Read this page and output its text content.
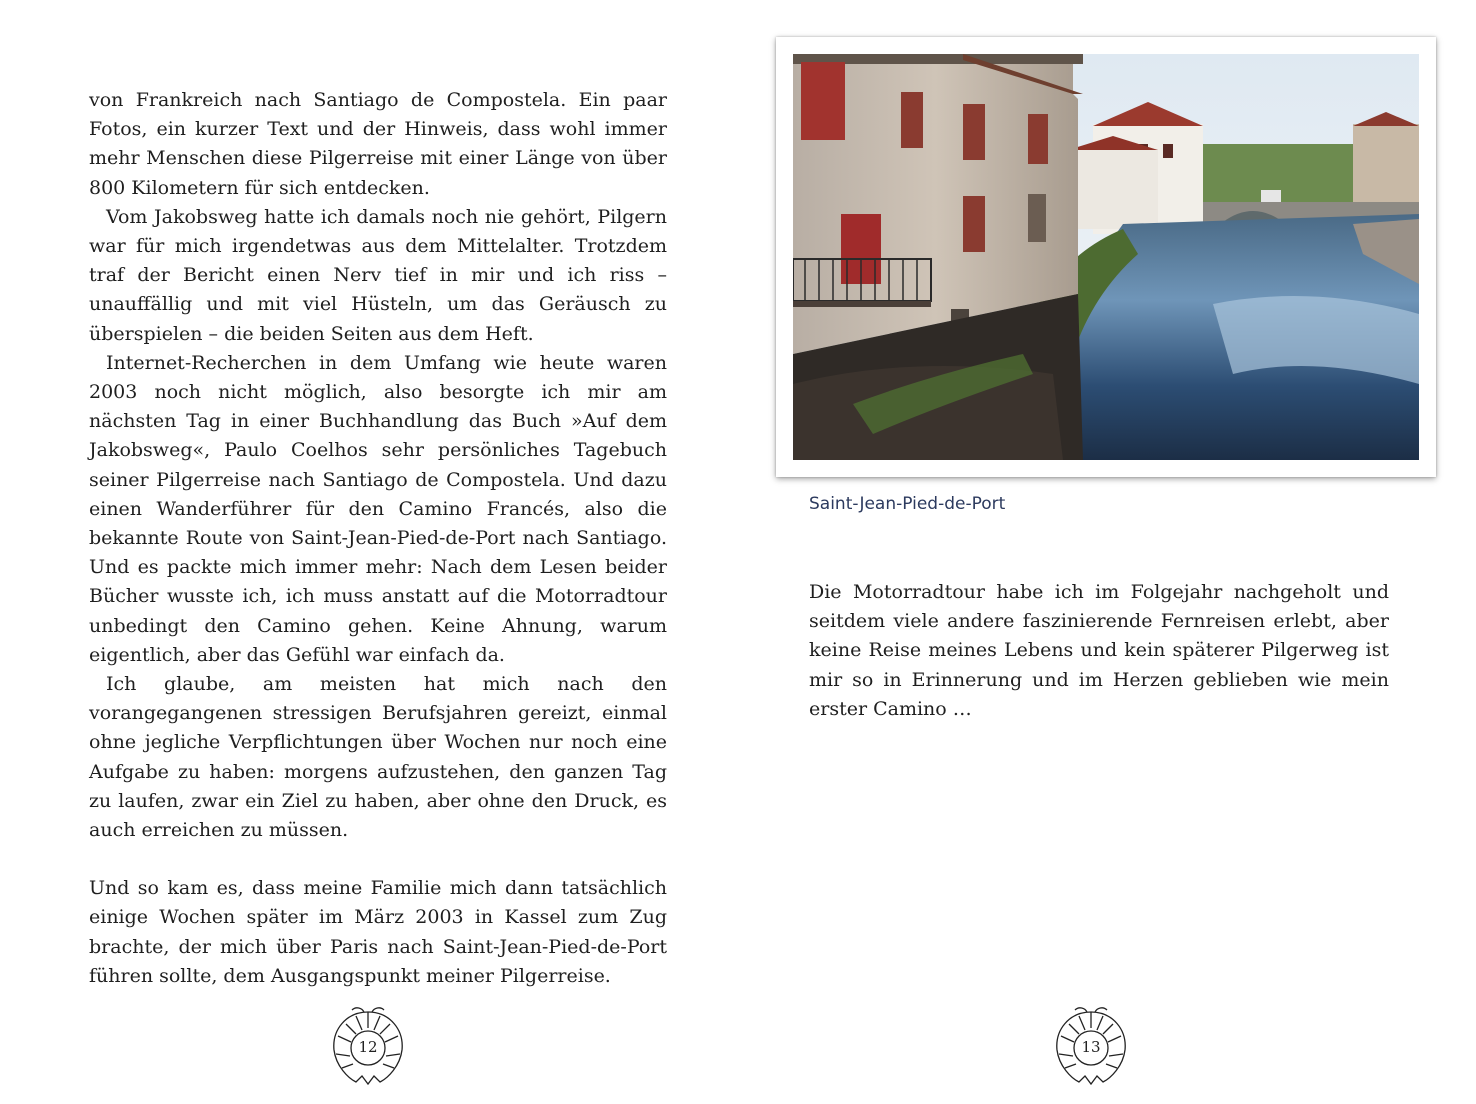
von Frankreich nach Santiago de Compostela. Ein paar Fotos, ein kurzer Text und der Hinweis, dass wohl immer mehr Menschen diese Pilgerreise mit einer Länge von über 800 Kilometern für sich entdecken.

Vom Jakobsweg hatte ich damals noch nie gehört, Pilgern war für mich irgendetwas aus dem Mittelalter. Trotzdem traf der Bericht einen Nerv tief in mir und ich riss – unauffällig und mit viel Hüsteln, um das Geräusch zu überspielen – die beiden Seiten aus dem Heft.

Internet-Recherchen in dem Umfang wie heute waren 2003 noch nicht möglich, also besorgte ich mir am nächsten Tag in einer Buchhandlung das Buch »Auf dem Jakobsweg«, Paulo Coelhos sehr persönliches Tagebuch seiner Pilgerreise nach Santiago de Compostela. Und dazu einen Wanderführer für den Camino Francés, also die bekannte Route von Saint-Jean-Pied-de-Port nach Santiago. Und es packte mich immer mehr: Nach dem Lesen beider Bücher wusste ich, ich muss anstatt auf die Motorradtour unbedingt den Camino gehen. Keine Ahnung, warum eigentlich, aber das Gefühl war einfach da.

Ich glaube, am meisten hat mich nach den vorangegangenen stressigen Berufsjahren gereizt, einmal ohne jegliche Verpflichtungen über Wochen nur noch eine Aufgabe zu haben: morgens aufzustehen, den ganzen Tag zu laufen, zwar ein Ziel zu haben, aber ohne den Druck, es auch erreichen zu müssen.

Und so kam es, dass meine Familie mich dann tatsächlich einige Wochen später im März 2003 in Kassel zum Zug brachte, der mich über Paris nach Saint-Jean-Pied-de-Port führen sollte, dem Ausgangspunkt meiner Pilgerreise.

12
Saint-Jean-Pied-de-Port

Die Motorradtour habe ich im Folgejahr nachgeholt und seitdem viele andere faszinierende Fernreisen erlebt, aber keine Reise meines Lebens und kein späterer Pilgerweg ist mir so in Erinnerung und im Herzen geblieben wie mein erster Camino …

13
